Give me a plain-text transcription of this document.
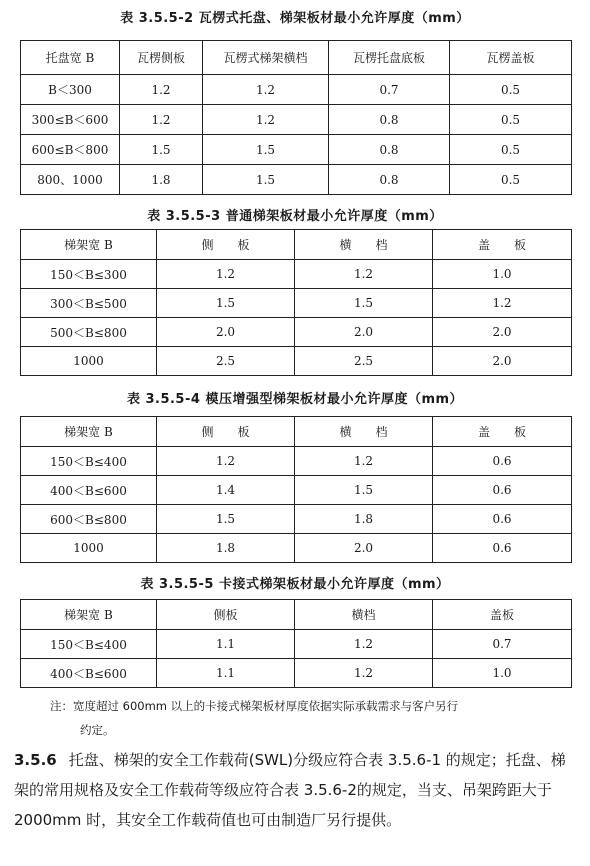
表 3.5.5-2 瓦楞式托盘、梯架板材最小允许厚度（mm）
托盘宽 B	瓦楞侧板	瓦楞式梯架横档	瓦楞托盘底板	瓦楞盖板
B＜300	1.2	1.2	0.7	0.5
300≤B＜600	1.2	1.2	0.8	0.5
600≤B＜800	1.5	1.5	0.8	0.5
800、1000	1.8	1.5	0.8	0.5
表 3.5.5-3 普通梯架板材最小允许厚度（mm）
梯架宽 B	侧　　板	横　　档	盖　　板
150＜B≤300	1.2	1.2	1.0
300＜B≤500	1.5	1.5	1.2
500＜B≤800	2.0	2.0	2.0
1000	2.5	2.5	2.0
表 3.5.5-4 模压增强型梯架板材最小允许厚度（mm）
梯架宽 B	侧　　板	横　　档	盖　　板
150＜B≤400	1.2	1.2	0.6
400＜B≤600	1.4	1.5	0.6
600＜B≤800	1.5	1.8	0.6
1000	1.8	2.0	0.6
表 3.5.5-5 卡接式梯架板材最小允许厚度（mm）
梯架宽 B	侧板	横档	盖板
150＜B≤400	1.1	1.2	0.7
400＜B≤600	1.1	1.2	1.0
注：宽度超过 600mm 以上的卡接式梯架板材厚度依据实际承载需求与客户另行
约定。
3.5.6 托盘、梯架的安全工作载荷(SWL)分级应符合表 3.5.6-1 的规定；托盘、梯架的常用规格及安全工作载荷等级应符合表 3.5.6-2的规定，当支、吊架跨距大于 2000mm 时，其安全工作载荷值也可由制造厂另行提供。
